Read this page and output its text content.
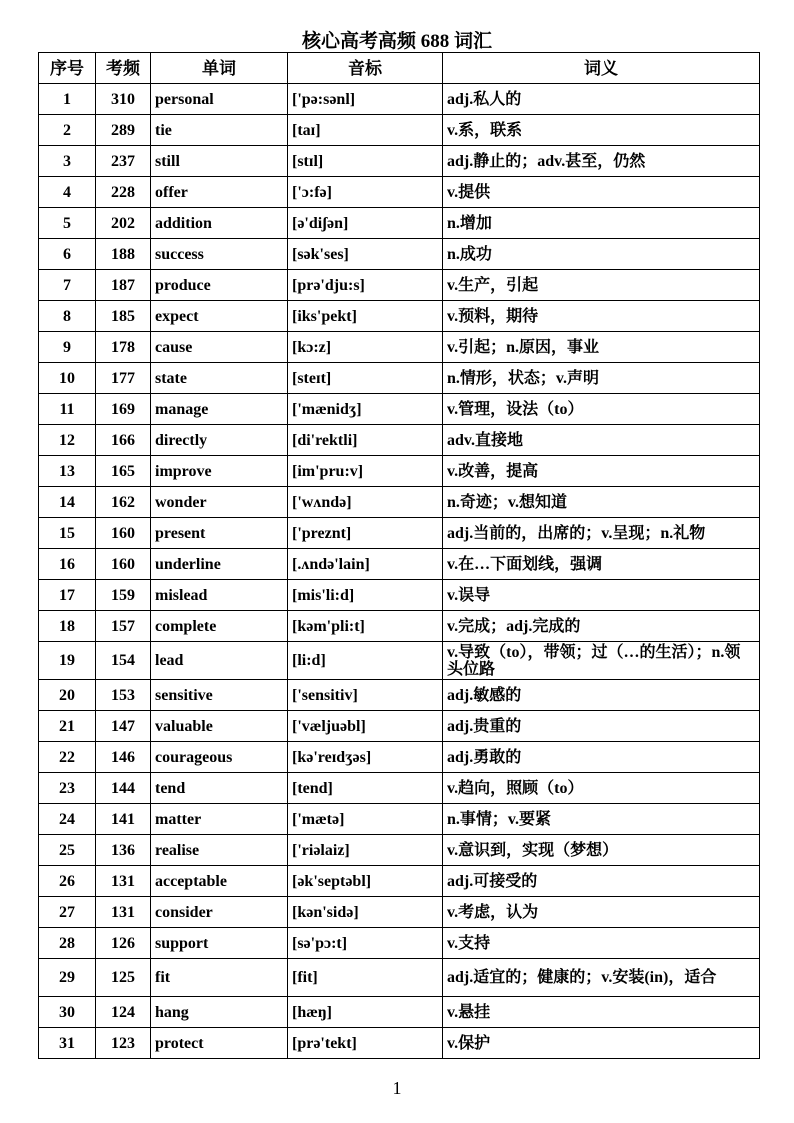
核心高考高频 688 词汇
序号	考频	单词	音标	词义
1	310	personal	['pə:sənl]	adj.私人的
2	289	tie	[taɪ]	v.系，联系
3	237	still	[stɪl]	adj.静止的；adv.甚至，仍然
4	228	offer	['ɔ:fə]	v.提供
5	202	addition	[ə'diʃən]	n.增加
6	188	success	[sək'ses]	n.成功
7	187	produce	[prə'dju:s]	v.生产，引起
8	185	expect	[iks'pekt]	v.预料，期待
9	178	cause	[kɔ:z]	v.引起；n.原因，事业
10	177	state	[steɪt]	n.情形，状态；v.声明
11	169	manage	['mænidʒ]	v.管理，设法（to）
12	166	directly	[di'rektli]	adv.直接地
13	165	improve	[im'pru:v]	v.改善，提高
14	162	wonder	['wʌndə]	n.奇迹；v.想知道
15	160	present	['preznt]	adj.当前的，出席的；v.呈现；n.礼物
16	160	underline	[.ʌndə'lain]	v.在…下面划线，强调
17	159	mislead	[mis'li:d]	v.误导
18	157	complete	[kəm'pli:t]	v.完成；adj.完成的
19	154	lead	[li:d]	v.导致（to），带领；过（…的生活）；n.领头位路
20	153	sensitive	['sensitiv]	adj.敏感的
21	147	valuable	['væljuəbl]	adj.贵重的
22	146	courageous	[kə'reɪdʒəs]	adj.勇敢的
23	144	tend	[tend]	v.趋向，照顾（to）
24	141	matter	['mætə]	n.事情；v.要紧
25	136	realise	['riəlaiz]	v.意识到，实现（梦想）
26	131	acceptable	[ək'septəbl]	adj.可接受的
27	131	consider	[kən'sidə]	v.考虑，认为
28	126	support	[sə'pɔ:t]	v.支持
29	125	fit	[fit]	adj.适宜的；健康的；v.安装(in)，适合
30	124	hang	[hæŋ]	v.悬挂
31	123	protect	[prə'tekt]	v.保护
1
